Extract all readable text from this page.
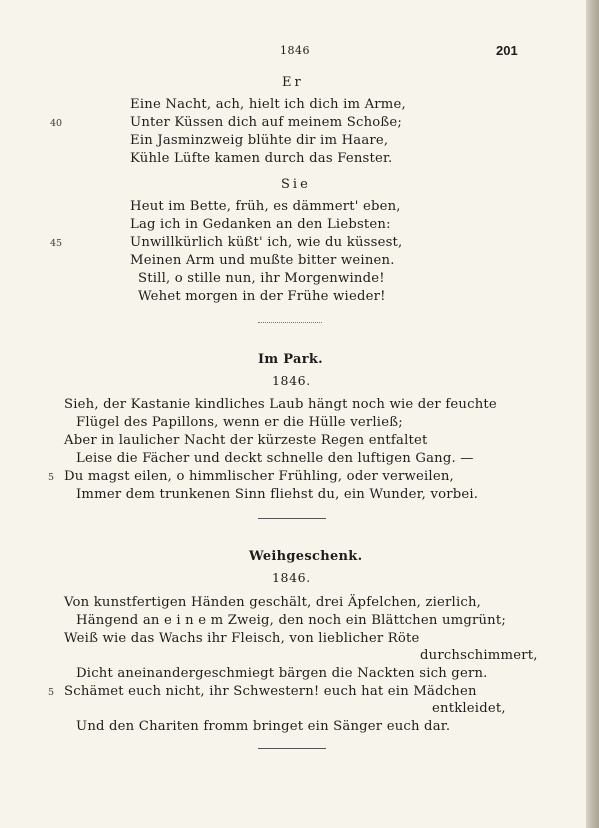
1846	201
Er
Eine Nacht, ach, hielt ich dich im Arme,
40	Unter Küssen dich auf meinem Schoße;
Ein Jasminzweig blühte dir im Haare,
Kühle Lüfte kamen durch das Fenster.
Sie
Heut im Bette, früh, es dämmert' eben,
Lag ich in Gedanken an den Liebsten:
45	Unwillkürlich küßt' ich, wie du küssest,
Meinen Arm und mußte bitter weinen.
Still, o stille nun, ihr Morgenwinde!
Wehet morgen in der Frühe wieder!
Im Park.
1846.
Sieh, der Kastanie kindliches Laub hängt noch wie der feuchte
Flügel des Papillons, wenn er die Hülle verließ;
Aber in laulicher Nacht der kürzeste Regen entfaltet
Leise die Fächer und deckt schnelle den luftigen Gang. —
5 Du magst eilen, o himmlischer Frühling, oder verweilen,
Immer dem trunkenen Sinn fliehst du, ein Wunder, vorbei.
Weihgeschenk.
1846.
Von kunstfertigen Händen geschält, drei Äpfelchen, zierlich,
Hängend an e i n e m Zweig, den noch ein Blättchen umgrünt;
Weiß wie das Wachs ihr Fleisch, von lieblicher Röte
durchschimmert,
Dicht aneinandergeschmiegt bärgen die Nackten sich gern.
5 Schämet euch nicht, ihr Schwestern! euch hat ein Mädchen
entkleidet,
Und den Chariten fromm bringet ein Sänger euch dar.
